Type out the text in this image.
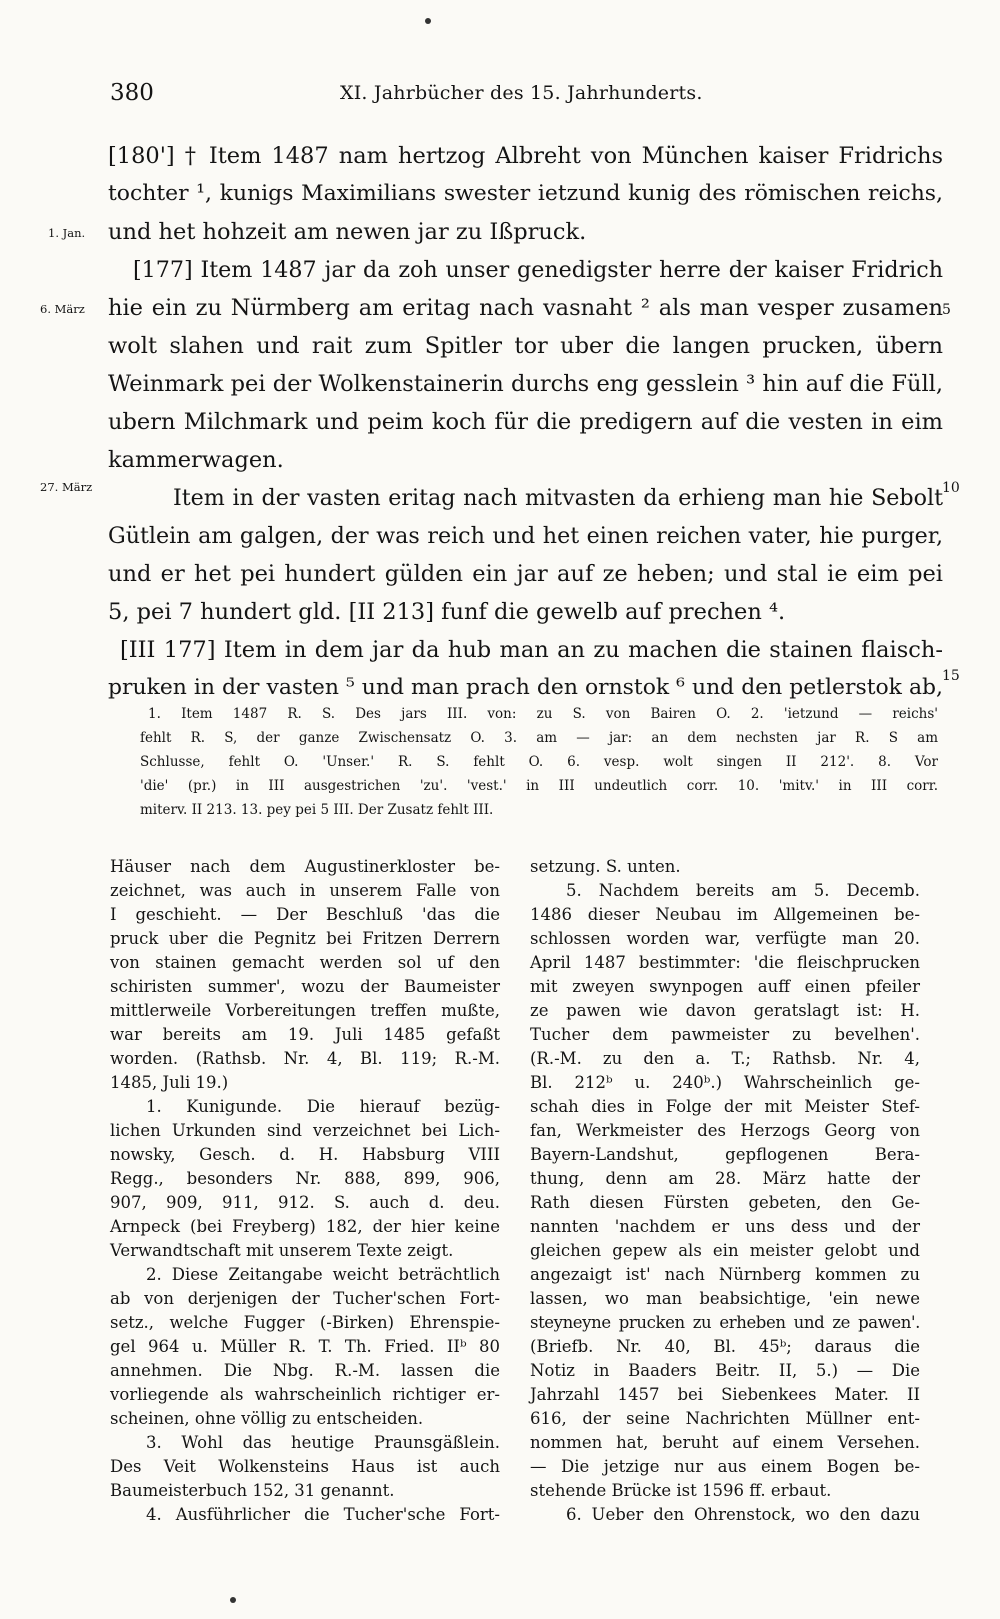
380	XI. Jahrbücher des 15. Jahrhunderts.
[180'] † Item 1487 nam hertzog Albreht von München kaiser Fridrichs
tochter ¹, kunigs Maximilians swester ietzund kunig des römischen reichs,
und het hohzeit am newen jar zu Ißpruck.
[177] Item 1487 jar da zoh unser genedigster herre der kaiser Fridrich
hie ein zu Nürmberg am eritag nach vasnaht ² als man vesper zusamen
wolt slahen und rait zum Spitler tor uber die langen prucken, übern
Weinmark pei der Wolkenstainerin durchs eng gesslein ³ hin auf die Füll,
ubern Milchmark und peim koch für die predigern auf die vesten in eim
kammerwagen.
Item in der vasten eritag nach mitvasten da erhieng man hie Sebolt
Gütlein am galgen, der was reich und het einen reichen vater, hie purger,
und er het pei hundert gülden ein jar auf ze heben; und stal ie eim pei
5, pei 7 hundert gld. [II 213] funf die gewelb auf prechen ⁴.
[III 177] Item in dem jar da hub man an zu machen die stainen flaisch-
pruken in der vasten ⁵ und man prach den ornstok ⁶ und den petlerstok ab,
1. Jan.
6. März
27. März
5
10
15
1. Item 1487 R. S. Des jars III. von: zu S. von Bairen O. 2. 'ietzund — reichs'
fehlt R. S, der ganze Zwischensatz O. 3. am — jar: an dem nechsten jar R. S am
Schlusse, fehlt O. 'Unser.' R. S. fehlt O. 6. vesp. wolt singen II 212'. 8. Vor
'die' (pr.) in III ausgestrichen 'zu'. 'vest.' in III undeutlich corr. 10. 'mitv.' in III corr.
miterv. II 213. 13. pey pei 5 III. Der Zusatz fehlt III.
Häuser nach dem Augustinerkloster be-
zeichnet, was auch in unserem Falle von
I geschieht. — Der Beschluß 'das die
pruck uber die Pegnitz bei Fritzen Derrern
von stainen gemacht werden sol uf den
schiristen summer', wozu der Baumeister
mittlerweile Vorbereitungen treffen mußte,
war bereits am 19. Juli 1485 gefaßt
worden. (Rathsb. Nr. 4, Bl. 119; R.-M.
1485, Juli 19.)
1. Kunigunde. Die hierauf bezüg-
lichen Urkunden sind verzeichnet bei Lich-
nowsky, Gesch. d. H. Habsburg VIII
Regg., besonders Nr. 888, 899, 906,
907, 909, 911, 912. S. auch d. deu.
Arnpeck (bei Freyberg) 182, der hier keine
Verwandtschaft mit unserem Texte zeigt.
2. Diese Zeitangabe weicht beträchtlich
ab von derjenigen der Tucher'schen Fort-
setz., welche Fugger (-Birken) Ehrenspie-
gel 964 u. Müller R. T. Th. Fried. IIᵇ 80
annehmen. Die Nbg. R.-M. lassen die
vorliegende als wahrscheinlich richtiger er-
scheinen, ohne völlig zu entscheiden.
3. Wohl das heutige Praunsgäßlein.
Des Veit Wolkensteins Haus ist auch
Baumeisterbuch 152, 31 genannt.
4. Ausführlicher die Tucher'sche Fort-
setzung. S. unten.
5. Nachdem bereits am 5. Decemb.
1486 dieser Neubau im Allgemeinen be-
schlossen worden war, verfügte man 20.
April 1487 bestimmter: 'die fleischprucken
mit zweyen swynpogen auff einen pfeiler
ze pawen wie davon geratslagt ist: H.
Tucher dem pawmeister zu bevelhen'.
(R.-M. zu den a. T.; Rathsb. Nr. 4,
Bl. 212ᵇ u. 240ᵇ.) Wahrscheinlich ge-
schah dies in Folge der mit Meister Stef-
fan, Werkmeister des Herzogs Georg von
Bayern-Landshut, gepflogenen Bera-
thung, denn am 28. März hatte der
Rath diesen Fürsten gebeten, den Ge-
nannten 'nachdem er uns dess und der
gleichen gepew als ein meister gelobt und
angezaigt ist' nach Nürnberg kommen zu
lassen, wo man beabsichtige, 'ein newe
steyneyne prucken zu erheben und ze pawen'.
(Briefb. Nr. 40, Bl. 45ᵇ; daraus die
Notiz in Baaders Beitr. II, 5.) — Die
Jahrzahl 1457 bei Siebenkees Mater. II
616, der seine Nachrichten Müllner ent-
nommen hat, beruht auf einem Versehen.
— Die jetzige nur aus einem Bogen be-
stehende Brücke ist 1596 ff. erbaut.
6. Ueber den Ohrenstock, wo den dazu
